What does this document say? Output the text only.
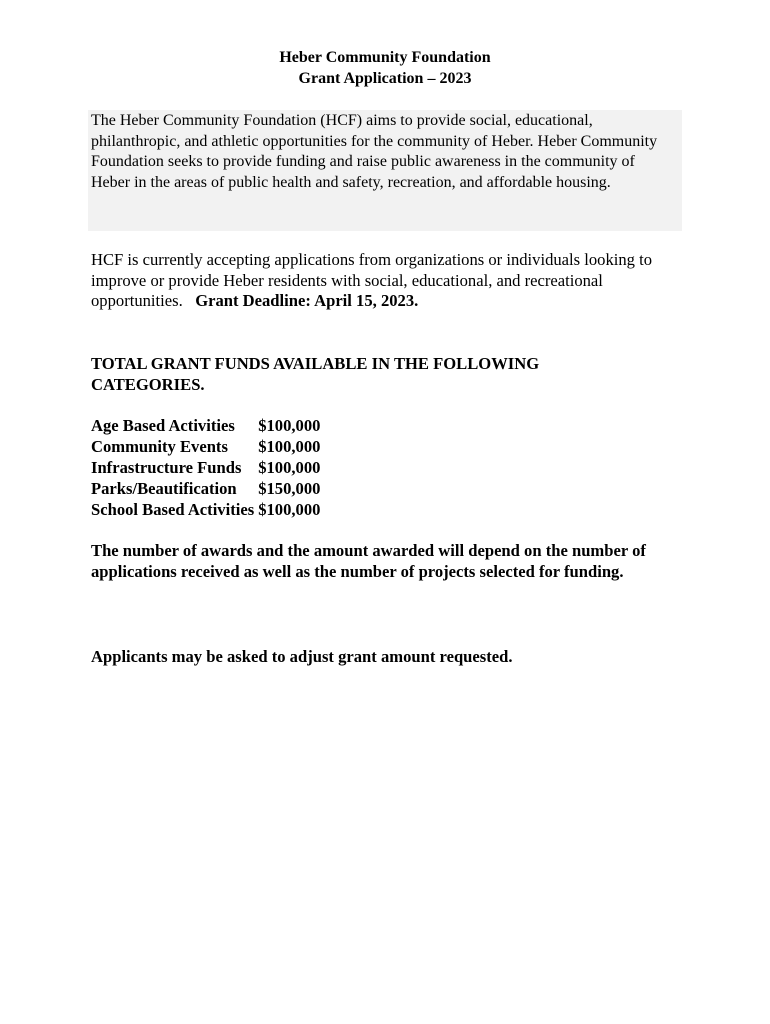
Heber Community Foundation
Grant Application – 2023
The Heber Community Foundation (HCF) aims to provide social, educational, philanthropic, and athletic opportunities for the community of Heber. Heber Community Foundation seeks to provide funding and raise public awareness in the community of Heber in the areas of public health and safety, recreation, and affordable housing.
HCF is currently accepting applications from organizations or individuals looking to improve or provide Heber residents with social, educational, and recreational opportunities. Grant Deadline: April 15, 2023.
TOTAL GRANT FUNDS AVAILABLE IN THE FOLLOWING CATEGORIES.
Age Based Activities	$100,000
Community Events	$100,000
Infrastructure Funds	$100,000
Parks/Beautification	$150,000
School Based Activities	$100,000
The number of awards and the amount awarded will depend on the number of applications received as well as the number of projects selected for funding.
Applicants may be asked to adjust grant amount requested.
